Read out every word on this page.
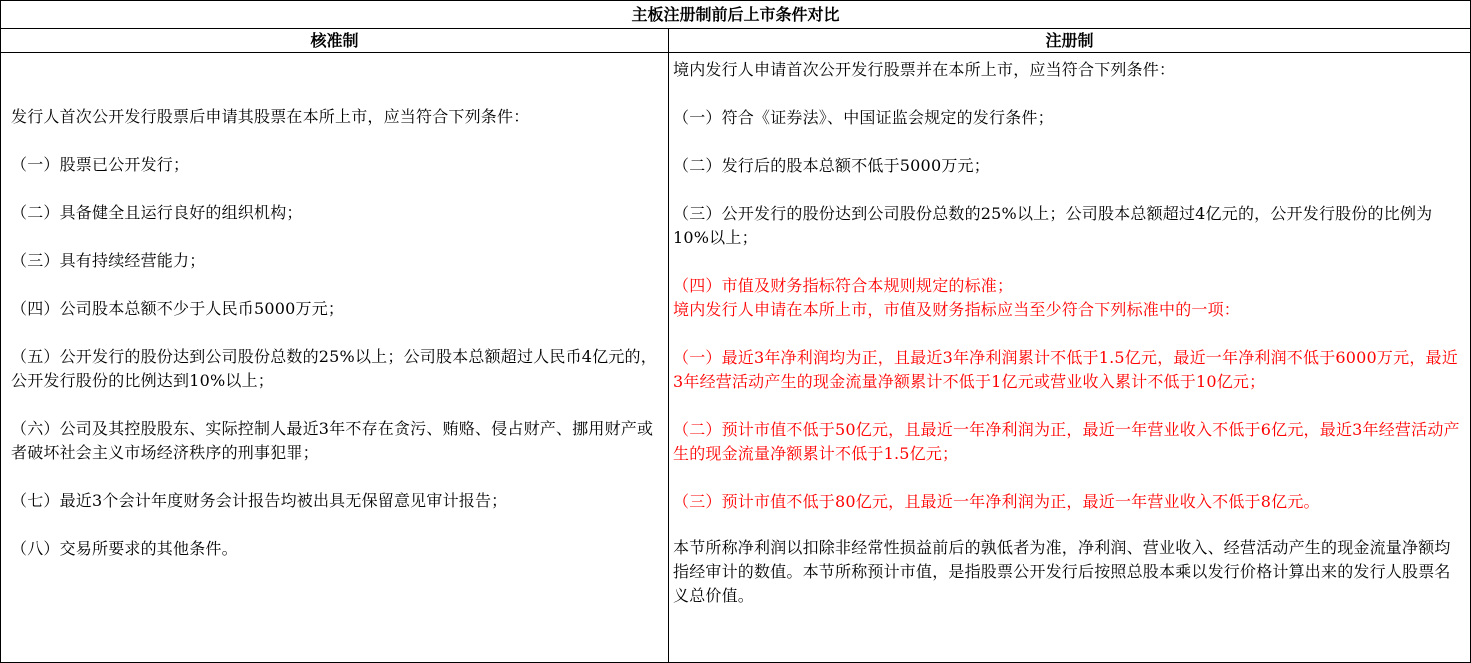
主板注册制前后上市条件对比
核准制	注册制

发行人首次公开发行股票后申请其股票在本所上市，应当符合下列条件：

（一）股票已公开发行；

（二）具备健全且运行良好的组织机构；

（三）具有持续经营能力；

（四）公司股本总额不少于人民币5000万元；

（五）公开发行的股份达到公司股份总数的25%以上；公司股本总额超过人民币4亿元的，公开发行股份的比例达到10%以上；

（六）公司及其控股股东、实际控制人最近3年不存在贪污、贿赂、侵占财产、挪用财产或者破坏社会主义市场经济秩序的刑事犯罪；

（七）最近3个会计年度财务会计报告均被出具无保留意见审计报告；

（八）交易所要求的其他条件。

境内发行人申请首次公开发行股票并在本所上市，应当符合下列条件：

（一）符合《证券法》、中国证监会规定的发行条件；

（二）发行后的股本总额不低于5000万元；

（三）公开发行的股份达到公司股份总数的25%以上；公司股本总额超过4亿元的，公开发行股份的比例为10%以上；

（四）市值及财务指标符合本规则规定的标准；

境内发行人申请在本所上市，市值及财务指标应当至少符合下列标准中的一项：

（一）最近3年净利润均为正，且最近3年净利润累计不低于1.5亿元，最近一年净利润不低于6000万元，最近3年经营活动产生的现金流量净额累计不低于1亿元或营业收入累计不低于10亿元；

（二）预计市值不低于50亿元，且最近一年净利润为正，最近一年营业收入不低于6亿元，最近3年经营活动产生的现金流量净额累计不低于1.5亿元；

（三）预计市值不低于80亿元，且最近一年净利润为正，最近一年营业收入不低于8亿元。

本节所称净利润以扣除非经常性损益前后的孰低者为准，净利润、营业收入、经营活动产生的现金流量净额均指经审计的数值。本节所称预计市值，是指股票公开发行后按照总股本乘以发行价格计算出来的发行人股票名义总价值。
